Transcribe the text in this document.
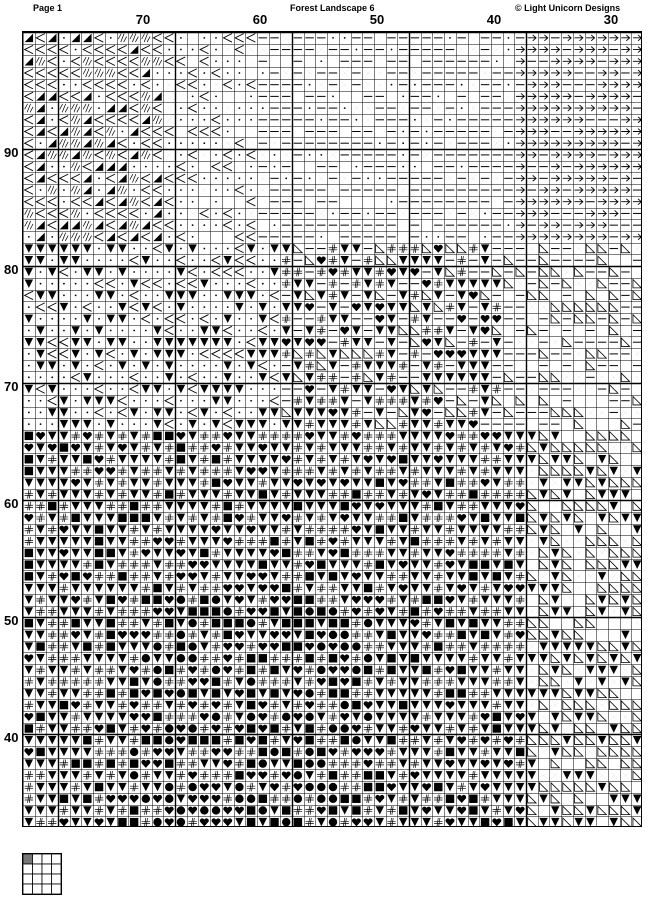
Page 1	Forest Landscape 6	© Light Unicorn Designs
70	60	50	40	30
90
80
70
60
50
40
